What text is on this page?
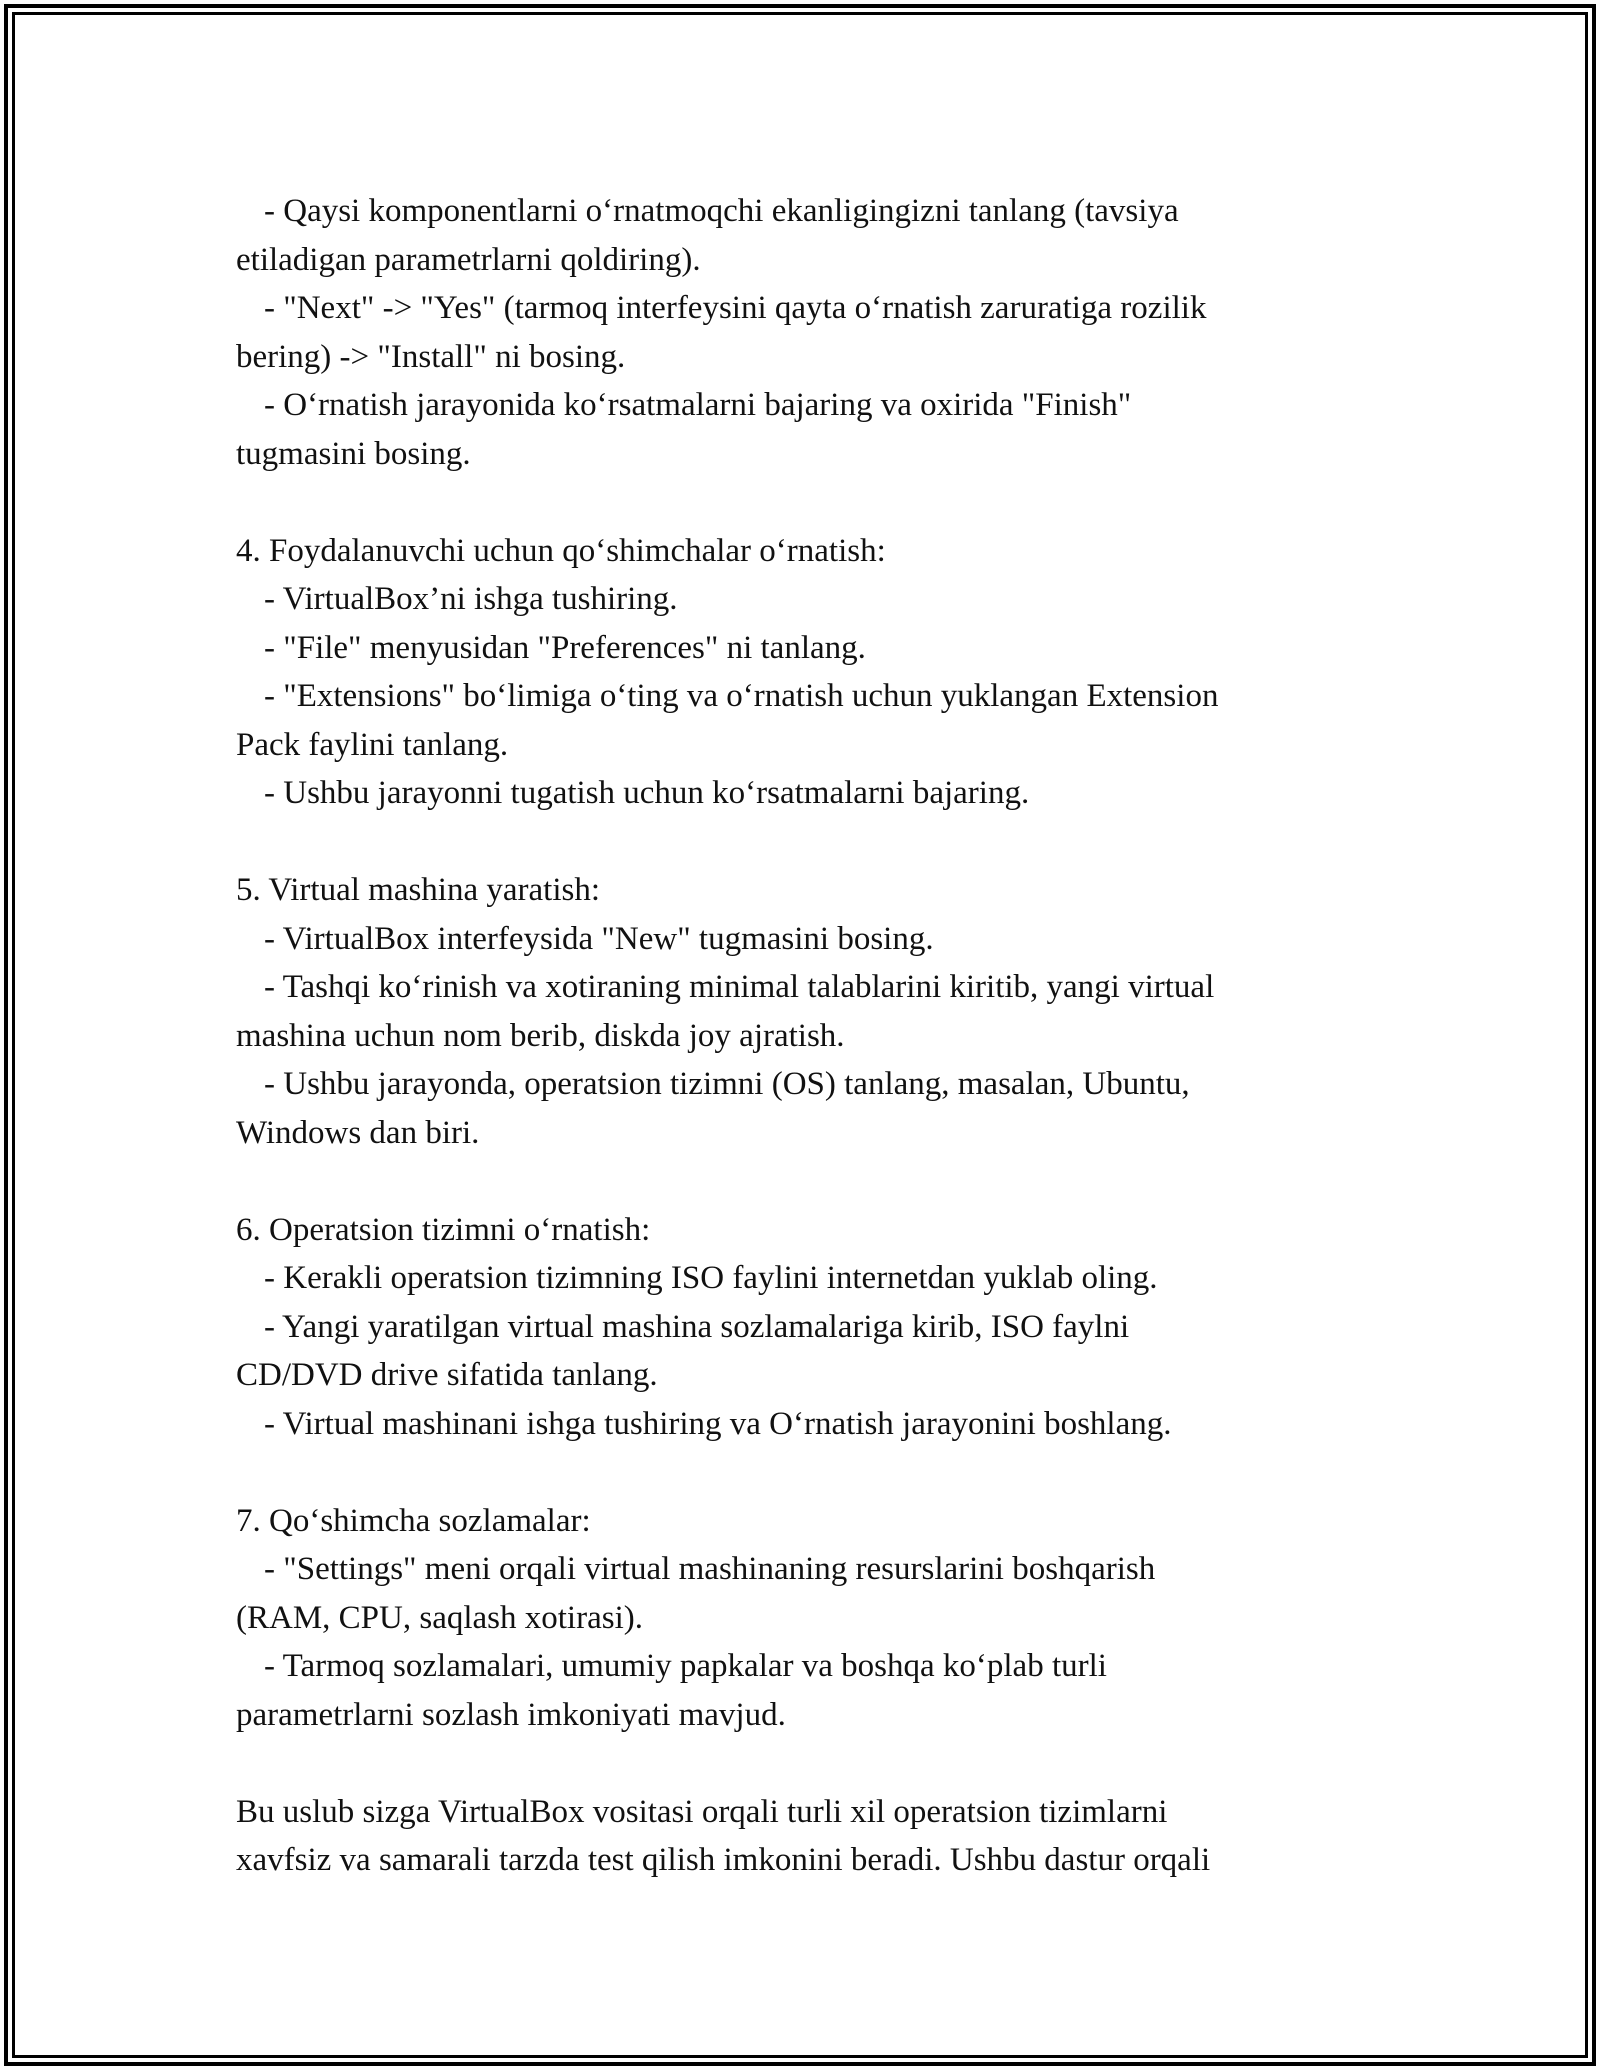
- Qaysi komponentlarni o‘rnatmoqchi ekanligingizni tanlang (tavsiya
etiladigan parametrlarni qoldiring).
- "Next" -> "Yes" (tarmoq interfeysini qayta o‘rnatish zaruratiga rozilik
bering) -> "Install" ni bosing.
- O‘rnatish jarayonida ko‘rsatmalarni bajaring va oxirida "Finish"
tugmasini bosing.
4. Foydalanuvchi uchun qo‘shimchalar o‘rnatish:
- VirtualBox’ni ishga tushiring.
- "File" menyusidan "Preferences" ni tanlang.
- "Extensions" bo‘limiga o‘ting va o‘rnatish uchun yuklangan Extension
Pack faylini tanlang.
- Ushbu jarayonni tugatish uchun ko‘rsatmalarni bajaring.
5. Virtual mashina yaratish:
- VirtualBox interfeysida "New" tugmasini bosing.
- Tashqi ko‘rinish va xotiraning minimal talablarini kiritib, yangi virtual
mashina uchun nom berib, diskda joy ajratish.
- Ushbu jarayonda, operatsion tizimni (OS) tanlang, masalan, Ubuntu,
Windows dan biri.
6. Operatsion tizimni o‘rnatish:
- Kerakli operatsion tizimning ISO faylini internetdan yuklab oling.
- Yangi yaratilgan virtual mashina sozlamalariga kirib, ISO faylni
CD/DVD drive sifatida tanlang.
- Virtual mashinani ishga tushiring va O‘rnatish jarayonini boshlang.
7. Qo‘shimcha sozlamalar:
- "Settings" meni orqali virtual mashinaning resurslarini boshqarish
(RAM, CPU, saqlash xotirasi).
- Tarmoq sozlamalari, umumiy papkalar va boshqa ko‘plab turli
parametrlarni sozlash imkoniyati mavjud.
Bu uslub sizga VirtualBox vositasi orqali turli xil operatsion tizimlarni
xavfsiz va samarali tarzda test qilish imkonini beradi. Ushbu dastur orqali
